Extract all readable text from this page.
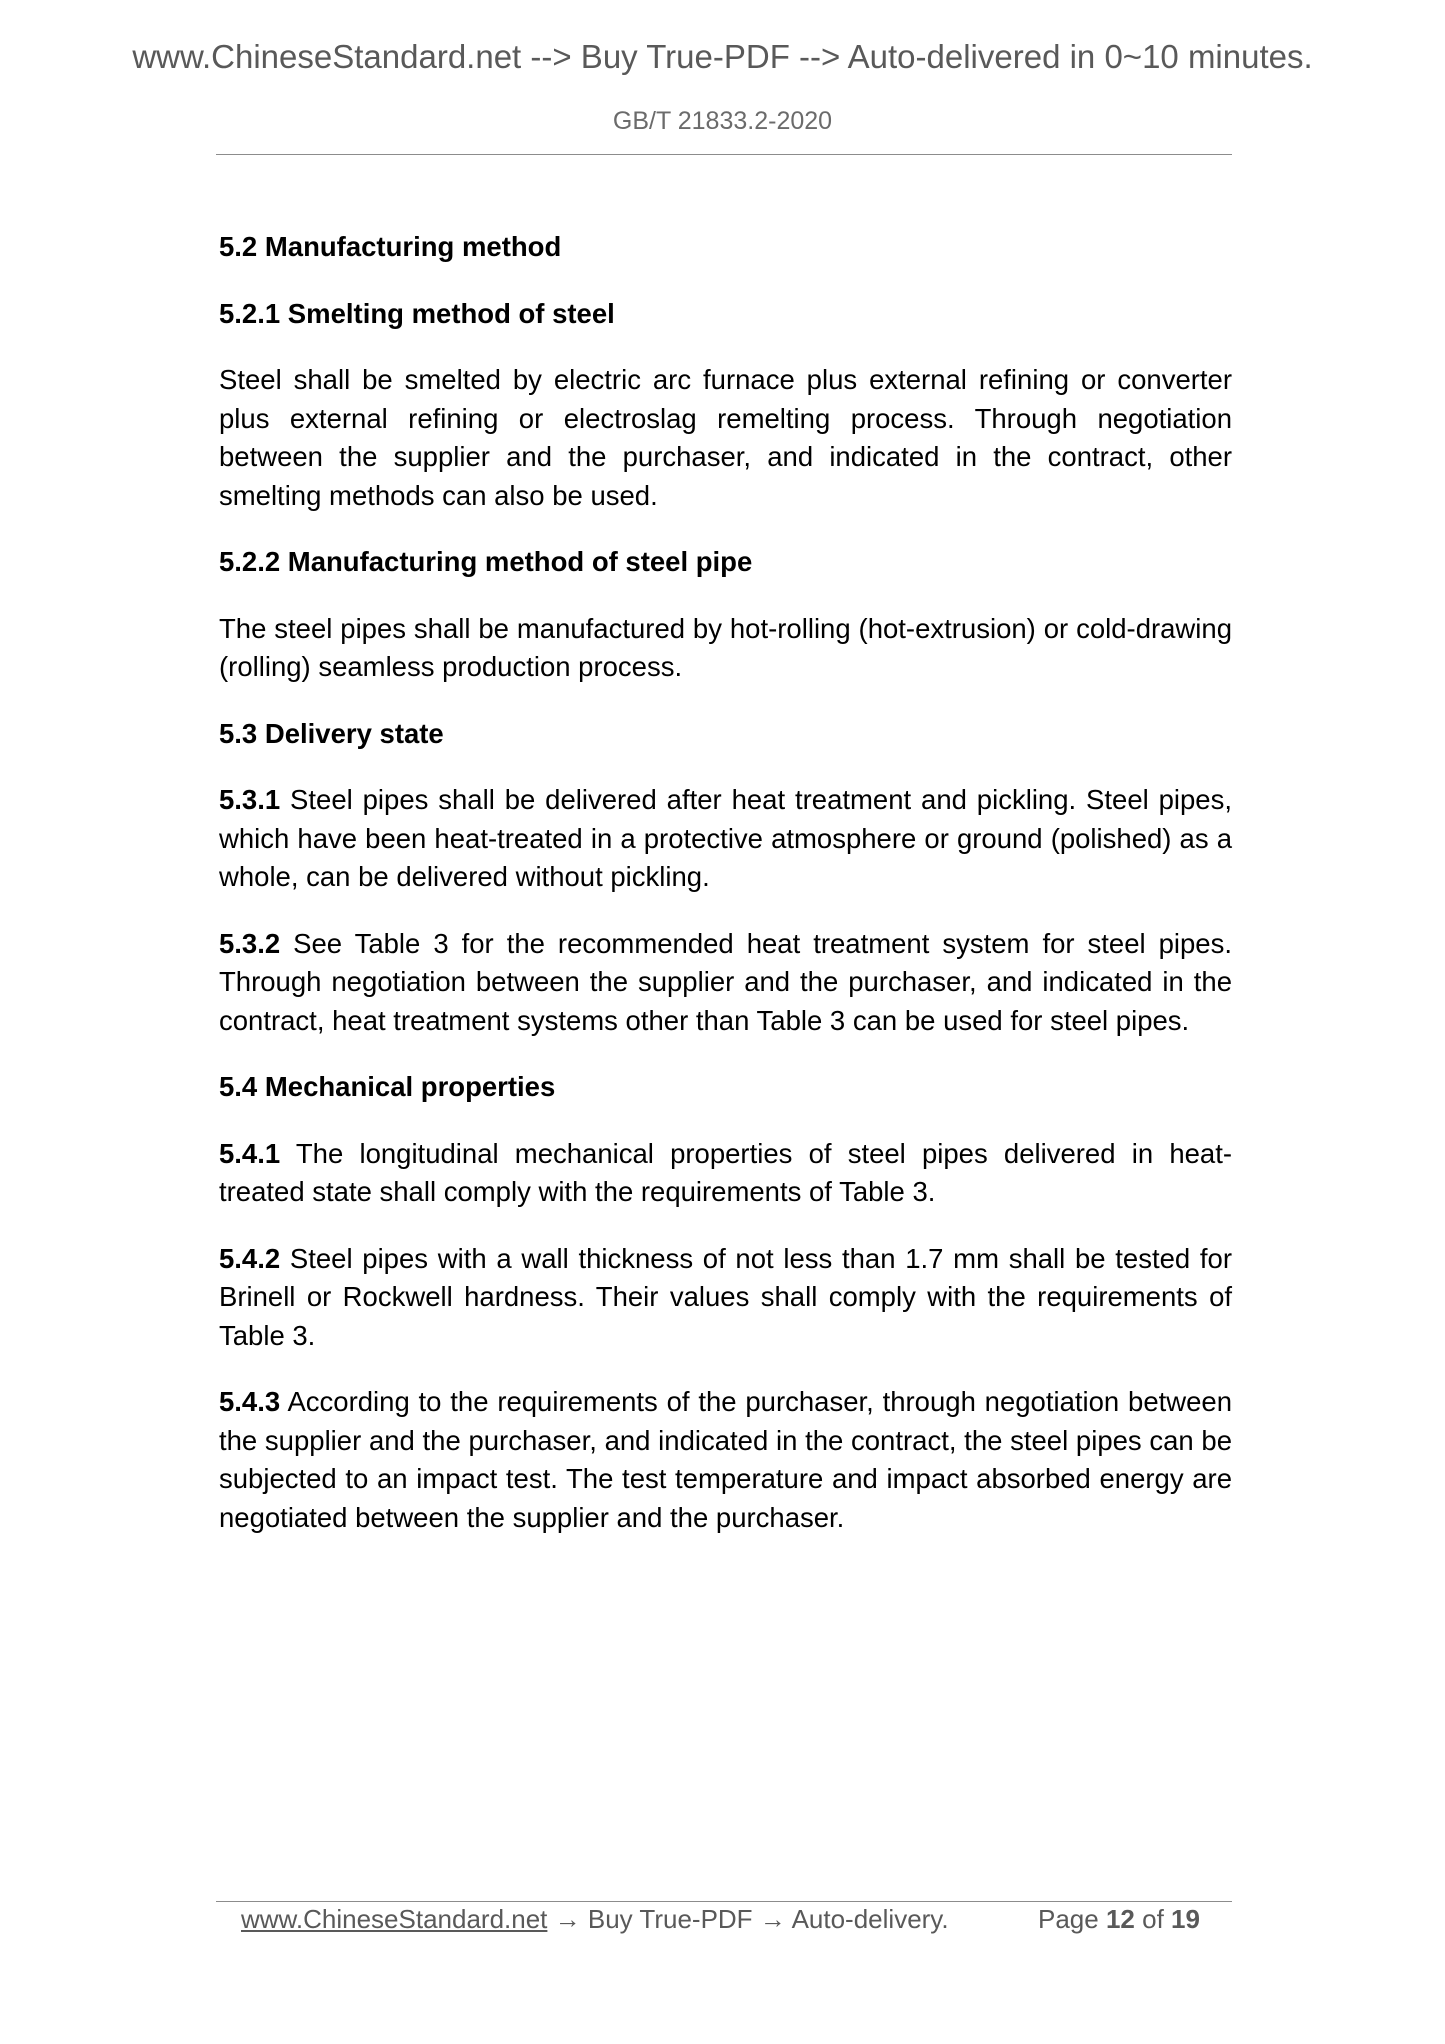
www.ChineseStandard.net --> Buy True-PDF --> Auto-delivered in 0~10 minutes.
GB/T 21833.2-2020
5.2 Manufacturing method
5.2.1 Smelting method of steel

Steel shall be smelted by electric arc furnace plus external refining or converter plus external refining or electroslag remelting process. Through negotiation between the supplier and the purchaser, and indicated in the contract, other smelting methods can also be used.

5.2.2 Manufacturing method of steel pipe

The steel pipes shall be manufactured by hot-rolling (hot-extrusion) or cold-drawing (rolling) seamless production process.

5.3 Delivery state

5.3.1 Steel pipes shall be delivered after heat treatment and pickling. Steel pipes, which have been heat-treated in a protective atmosphere or ground (polished) as a whole, can be delivered without pickling.

5.3.2 See Table 3 for the recommended heat treatment system for steel pipes. Through negotiation between the supplier and the purchaser, and indicated in the contract, heat treatment systems other than Table 3 can be used for steel pipes.

5.4 Mechanical properties

5.4.1 The longitudinal mechanical properties of steel pipes delivered in heat-treated state shall comply with the requirements of Table 3.

5.4.2 Steel pipes with a wall thickness of not less than 1.7 mm shall be tested for Brinell or Rockwell hardness. Their values shall comply with the requirements of Table 3.

5.4.3 According to the requirements of the purchaser, through negotiation between the supplier and the purchaser, and indicated in the contract, the steel pipes can be subjected to an impact test. The test temperature and impact absorbed energy are negotiated between the supplier and the purchaser.

www.ChineseStandard.net → Buy True-PDF → Auto-delivery.	Page 12 of 19
